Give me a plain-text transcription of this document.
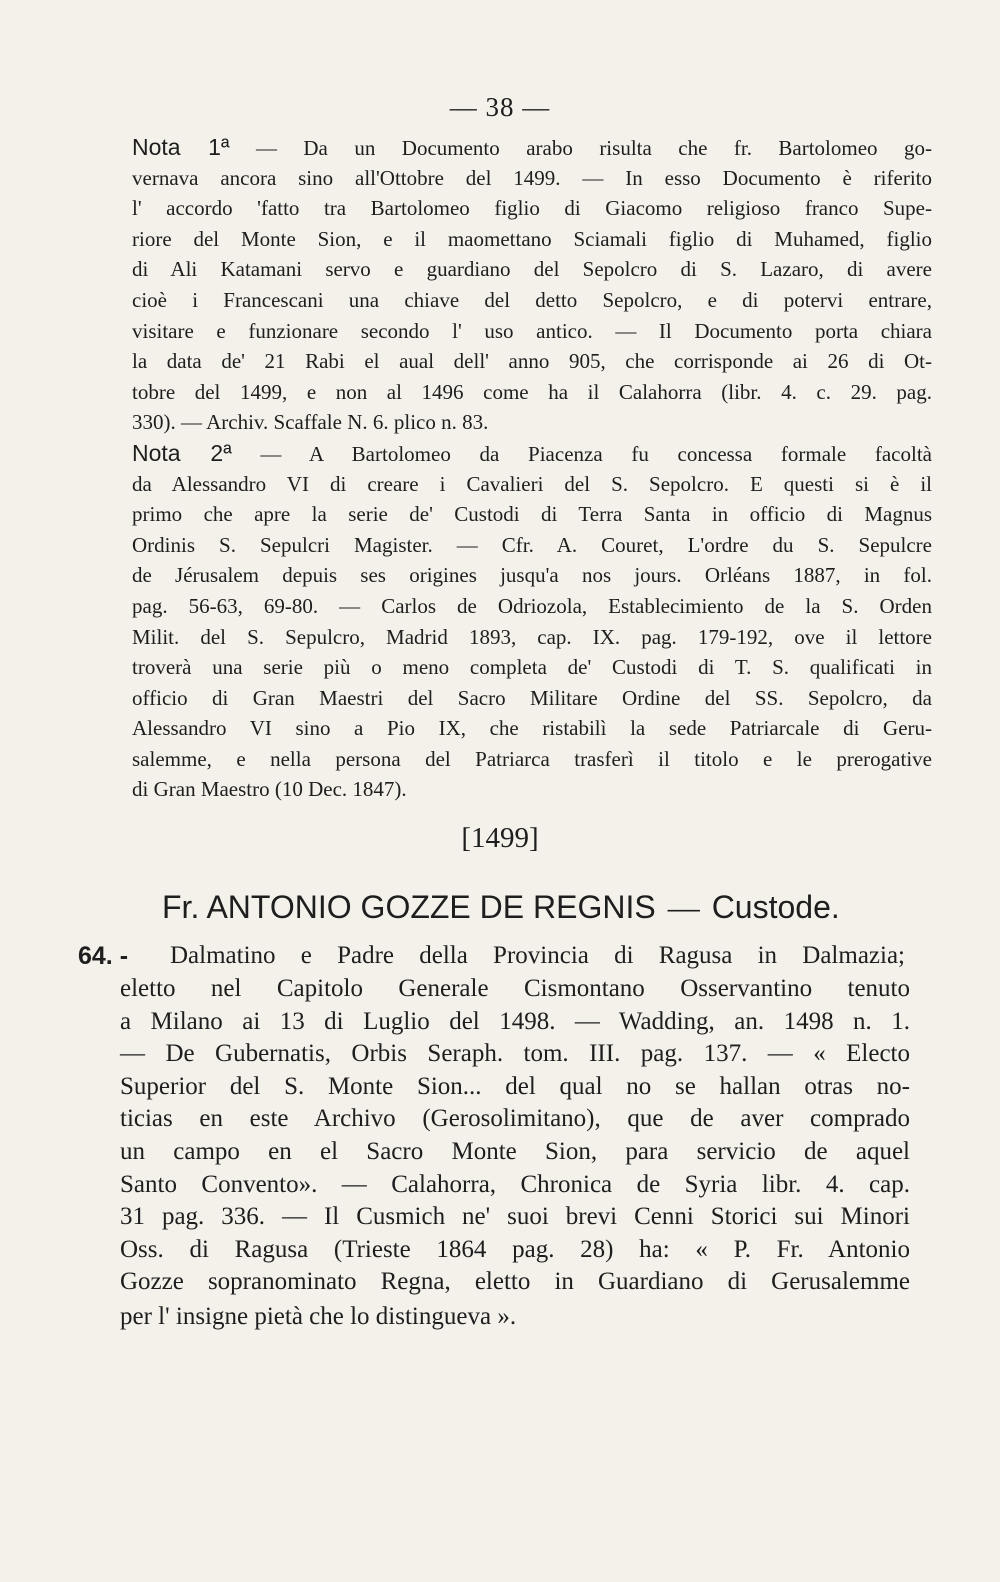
— 38 —
Nota 1ª — Da un Documento arabo risulta che fr. Bartolomeo go-
vernava ancora sino all'Ottobre del 1499. — In esso Documento è riferito
l' accordo 'fatto tra Bartolomeo figlio di Giacomo religioso franco Supe-
riore del Monte Sion, e il maomettano Sciamali figlio di Muhamed, figlio
di Ali Katamani servo e guardiano del Sepolcro di S. Lazaro, di avere
cioè i Francescani una chiave del detto Sepolcro, e di potervi entrare,
visitare e funzionare secondo l' uso antico. — Il Documento porta chiara
la data de' 21 Rabi el aual dell' anno 905, che corrisponde ai 26 di Ot-
tobre del 1499, e non al 1496 come ha il Calahorra (libr. 4. c. 29. pag.
330). — Archiv. Scaffale N. 6. plico n. 83.
Nota 2ª — A Bartolomeo da Piacenza fu concessa formale facoltà
da Alessandro VI di creare i Cavalieri del S. Sepolcro. E questi si è il
primo che apre la serie de' Custodi di Terra Santa in officio di Magnus
Ordinis S. Sepulcri Magister. — Cfr. A. Couret, L'ordre du S. Sepulcre
de Jérusalem depuis ses origines jusqu'a nos jours. Orléans 1887, in fol.
pag. 56-63, 69-80. — Carlos de Odriozola, Establecimiento de la S. Orden
Milit. del S. Sepulcro, Madrid 1893, cap. IX. pag. 179-192, ove il lettore
troverà una serie più o meno completa de' Custodi di T. S. qualificati in
officio di Gran Maestri del Sacro Militare Ordine del SS. Sepolcro, da
Alessandro VI sino a Pio IX, che ristabilì la sede Patriarcale di Geru-
salemme, e nella persona del Patriarca trasferì il titolo e le prerogative
di Gran Maestro (10 Dec. 1847).
[1499]
Fr. ANTONIO GOZZE DE REGNIS — Custode.
64. - Dalmatino e Padre della Provincia di Ragusa in Dalmazia;
eletto nel Capitolo Generale Cismontano Osservantino tenuto
a Milano ai 13 di Luglio del 1498. — Wadding, an. 1498 n. 1.
— De Gubernatis, Orbis Seraph. tom. III. pag. 137. — « Electo
Superior del S. Monte Sion... del qual no se hallan otras no-
ticias en este Archivo (Gerosolimitano), que de aver comprado
un campo en el Sacro Monte Sion, para servicio de aquel
Santo Convento». — Calahorra, Chronica de Syria libr. 4. cap.
31 pag. 336. — Il Cusmich ne' suoi brevi Cenni Storici sui Minori
Oss. di Ragusa (Trieste 1864 pag. 28) ha: « P. Fr. Antonio
Gozze sopranominato Regna, eletto in Guardiano di Gerusalemme
per l' insigne pietà che lo distingueva ».
